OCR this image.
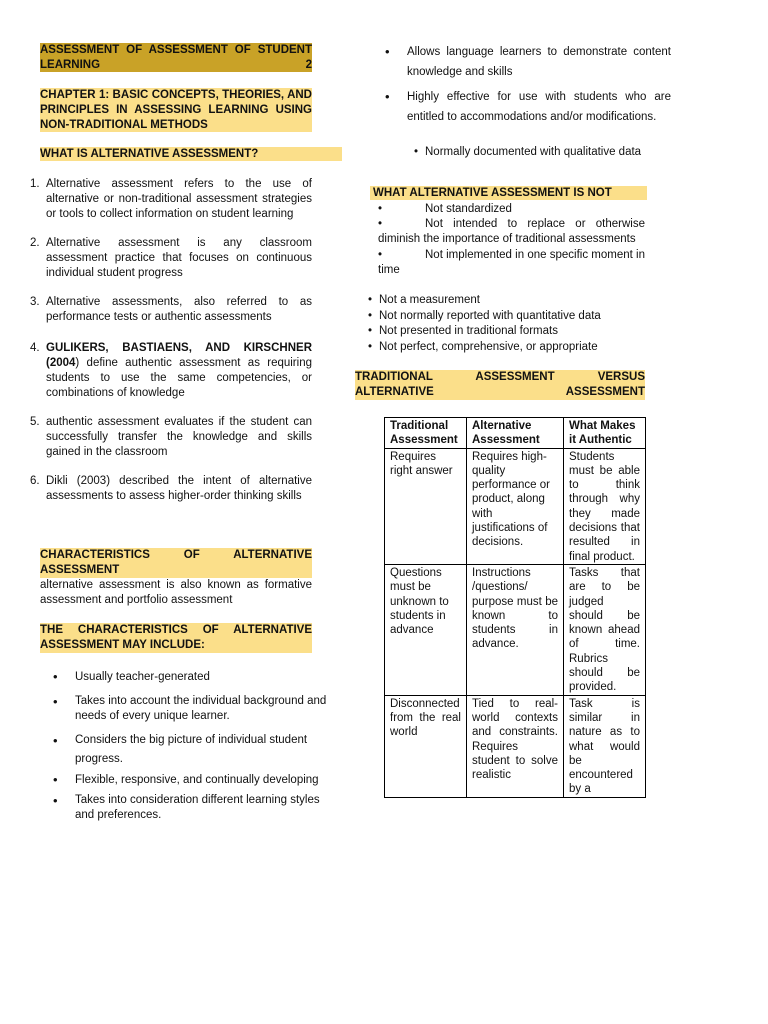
ASSESSMENT OF ASSESSMENT OF STUDENT LEARNING 2
CHAPTER 1: BASIC CONCEPTS, THEORIES, AND PRINCIPLES IN ASSESSING LEARNING USING NON-TRADITIONAL METHODS
WHAT IS ALTERNATIVE ASSESSMENT?
1. Alternative assessment refers to the use of alternative or non-traditional assessment strategies or tools to collect information on student learning
2. Alternative assessment is any classroom assessment practice that focuses on continuous individual student progress
3. Alternative assessments, also referred to as performance tests or authentic assessments
4. GULIKERS, BASTIAENS, AND KIRSCHNER (2004) define authentic assessment as requiring students to use the same competencies, or combinations of knowledge
5. authentic assessment evaluates if the student can successfully transfer the knowledge and skills gained in the classroom
6. Dikli (2003) described the intent of alternative assessments to assess higher-order thinking skills
CHARACTERISTICS OF ALTERNATIVE ASSESSMENT
alternative assessment is also known as formative assessment and portfolio assessment
THE CHARACTERISTICS OF ALTERNATIVE ASSESSMENT MAY INCLUDE:
• Usually teacher-generated
• Takes into account the individual background and needs of every unique learner.
• Considers the big picture of individual student progress.
• Flexible, responsive, and continually developing
• Takes into consideration different learning styles and preferences.
• Allows language learners to demonstrate content knowledge and skills
• Highly effective for use with students who are entitled to accommodations and/or modifications.
• Normally documented with qualitative data
WHAT ALTERNATIVE ASSESSMENT IS NOT
•	Not standardized
•	Not intended to replace or otherwise diminish the importance of traditional assessments
•	Not implemented in one specific moment in time
• Not a measurement
• Not normally reported with quantitative data
• Not presented in traditional formats
• Not perfect, comprehensive, or appropriate
TRADITIONAL ASSESSMENT VERSUS ALTERNATIVE ASSESSMENT
Traditional Assessment	Alternative Assessment	What Makes it Authentic
Requires right answer	Requires high-quality performance or product, along with justifications of decisions.	Students must be able to think through why they made decisions that resulted in final product.
Questions must be unknown to students in advance	Instructions /questions/ purpose must be known to students in advance.	Tasks that are to be judged should be known ahead of time. Rubrics should be provided.
Disconnected from the real world	Tied to real-world contexts and constraints. Requires student to solve realistic	Task is similar in nature as to what would be encountered by a
